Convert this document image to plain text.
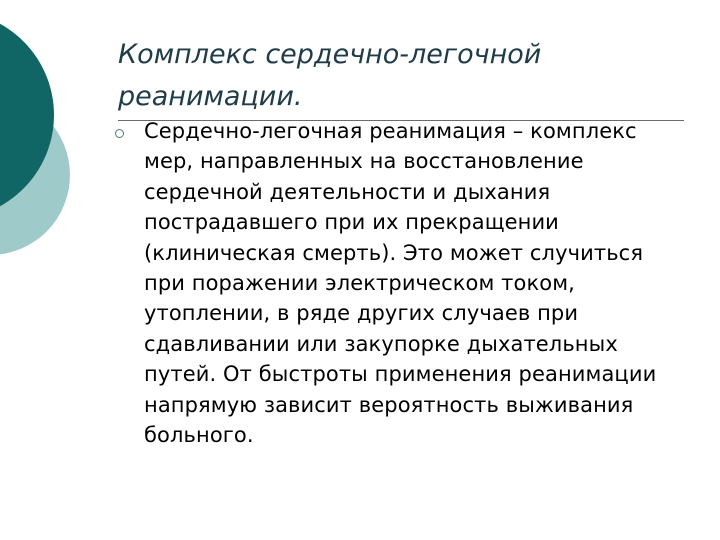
Комплекс сердечно-легочной реанимации.

Сердечно-легочная реанимация – комплекс мер, направленных на восстановление сердечной деятельности и дыхания пострадавшего при их прекращении (клиническая смерть). Это может случиться при поражении электрическом током, утоплении, в ряде других случаев при сдавливании или закупорке дыхательных путей. От быстроты применения реанимации напрямую зависит вероятность выживания больного.
